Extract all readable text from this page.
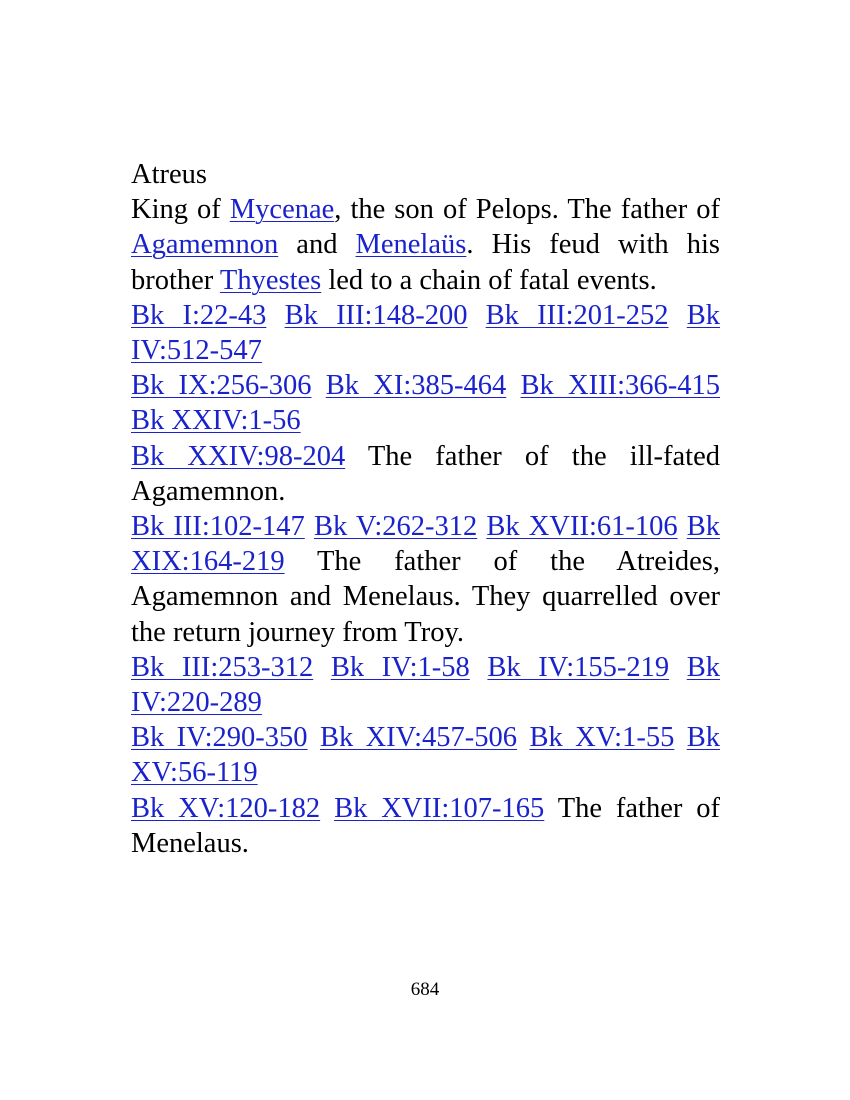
Atreus

King of Mycenae, the son of Pelops. The father of Agamemnon and Menelaüs. His feud with his brother Thyestes led to a chain of fatal events.

Bk I:22-43 Bk III:148-200 Bk III:201-252 Bk IV:512-547

Bk IX:256-306 Bk XI:385-464 Bk XIII:366-415 Bk XXIV:1-56

Bk XXIV:98-204 The father of the ill-fated Agamemnon.

Bk III:102-147 Bk V:262-312 Bk XVII:61-106 Bk XIX:164-219 The father of the Atreides, Agamemnon and Menelaus. They quarrelled over the return journey from Troy.

Bk III:253-312 Bk IV:1-58 Bk IV:155-219 Bk IV:220-289

Bk IV:290-350 Bk XIV:457-506 Bk XV:1-55 Bk XV:56-119

Bk XV:120-182 Bk XVII:107-165 The father of Menelaus.

684
